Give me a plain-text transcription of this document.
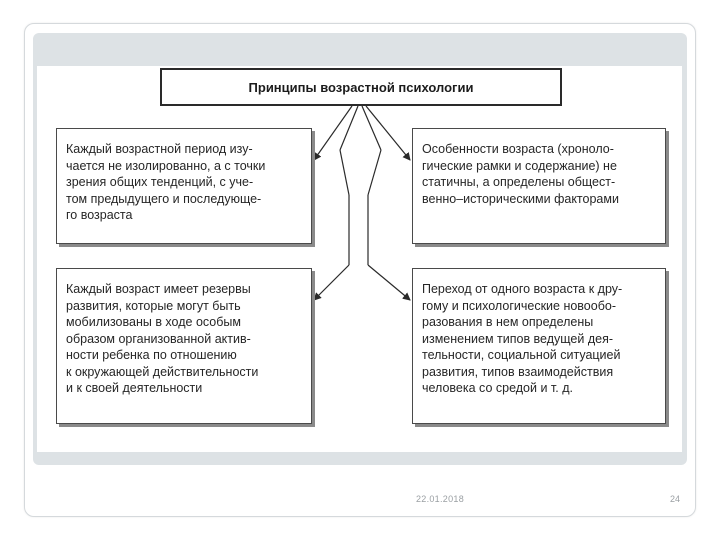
Принципы возрастной психологии
Каждый возрастной период изу-
чается не изолированно, а с точки
зрения общих тенденций, с уче-
том предыдущего и последующе-
го возраста
Особенности возраста (хроноло-
гические рамки и содержание) не
статичны, а определены общест-
венно–историческими факторами
Каждый возраст имеет резервы
развития, которые могут быть
мобилизованы в ходе особым
образом организованной актив-
ности ребенка по отношению
к окружающей действительности
и к своей деятельности
Переход от одного возраста к дру-
гому и психологические новообо-
разования в нем определены
изменением типов ведущей дея-
тельности, социальной ситуацией
развития, типов взаимодействия
человека со средой и т. д.
22.01.2018	24
